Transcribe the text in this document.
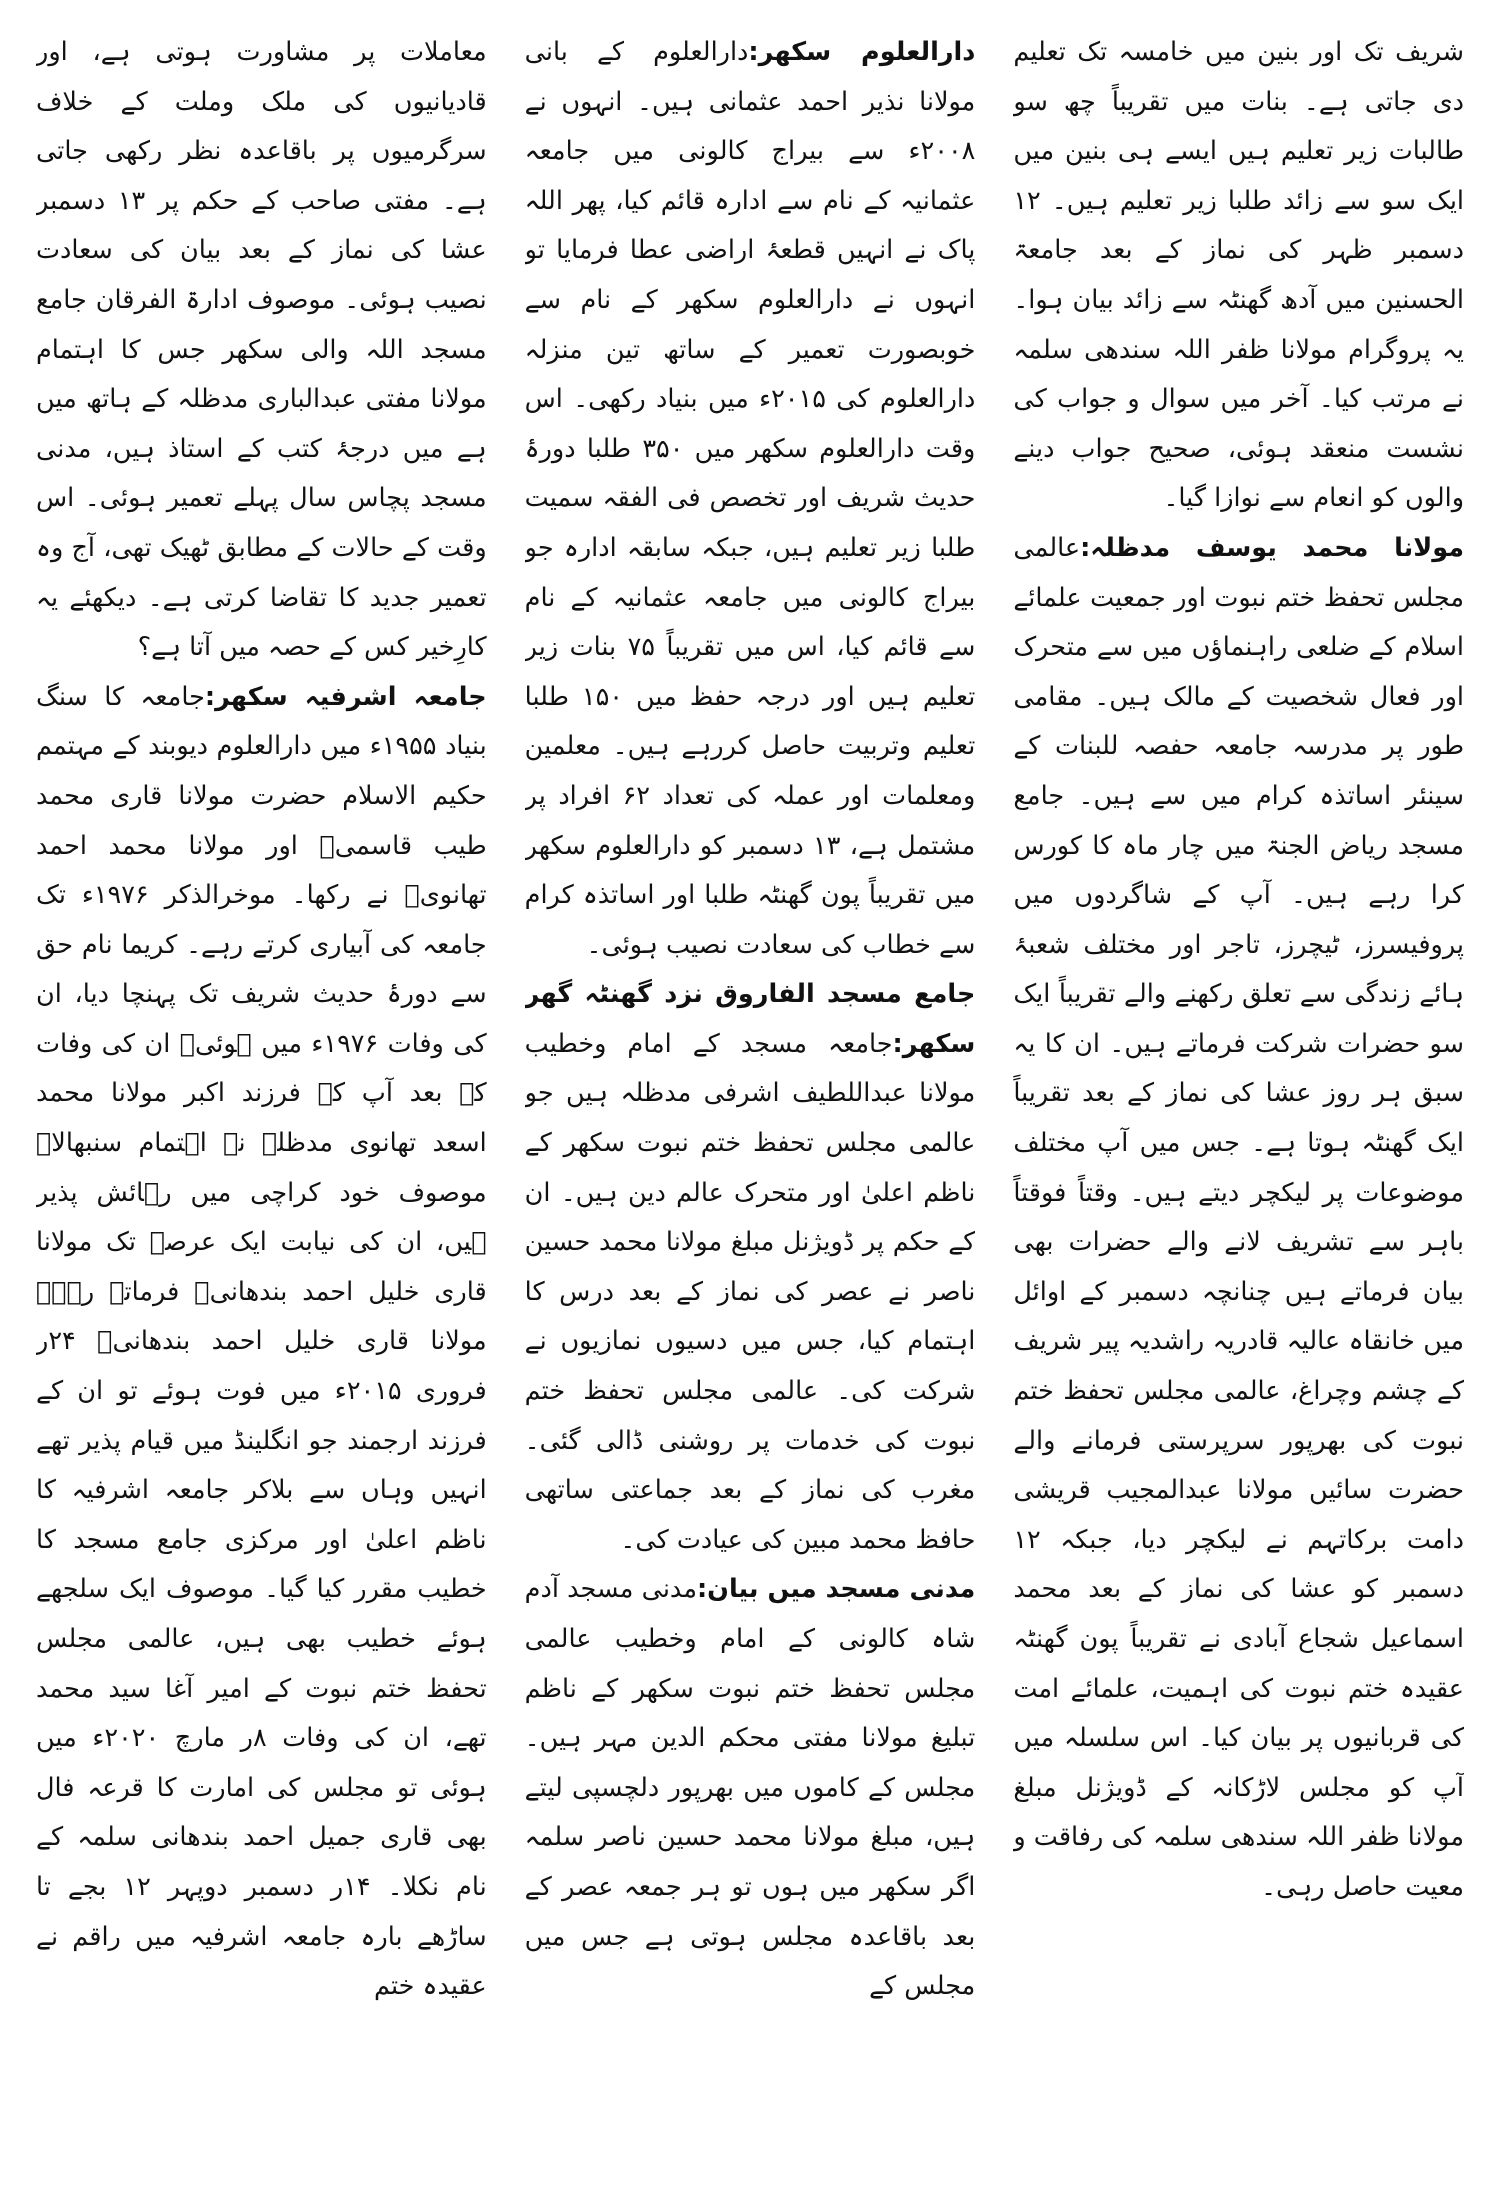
معاملات پر مشاورت ہوتی ہے، اور قادیانیوں کی ملک وملت کے خلاف سرگرمیوں پر باقاعدہ نظر رکھی جاتی ہے۔ مفتی صاحب کے حکم پر ۱۳ دسمبر عشا کی نماز کے بعد بیان کی سعادت نصیب ہوئی۔ موصوف ادارۃ الفرقان جامع مسجد اللہ والی سکھر جس کا اہتمام مولانا مفتی عبدالباری مدظلہ کے ہاتھ میں ہے میں درجۂ کتب کے استاذ ہیں، مدنی مسجد پچاس سال پہلے تعمیر ہوئی۔ اس وقت کے حالات کے مطابق ٹھیک تھی، آج وہ تعمیر جدید کا تقاضا کرتی ہے۔ دیکھئے یہ کارِخیر کس کے حصہ میں آتا ہے؟

جامعہ اشرفیہ سکھر:جامعہ کا سنگ بنیاد ۱۹۵۵ء میں دارالعلوم دیوبند کے مہتمم حکیم الاسلام حضرت مولانا قاری محمد طیب قاسمیؒ اور مولانا محمد احمد تھانویؒ نے رکھا۔ موخرالذکر ۱۹۷۶ء تک جامعہ کی آبیاری کرتے رہے۔ کریما نام حق سے دورۂ حدیث شریف تک پہنچا دیا، ان کی وفات ۱۹۷۶ء میں ہوئی۔ ان کی وفات کے بعد آپ کے فرزند اکبر مولانا محمد اسعد تھانوی مدظلہ نے اہتمام سنبھالا۔ موصوف خود کراچی میں رہائش پذیر ہیں، ان کی نیابت ایک عرصہ تک مولانا قاری خلیل احمد بندھانیؒ فرماتے رہے۔ مولانا قاری خلیل احمد بندھانیؒ ۲۴ر فروری ۲۰۱۵ء میں فوت ہوئے تو ان کے فرزند ارجمند جو انگلینڈ میں قیام پذیر تھے انہیں وہاں سے بلاکر جامعہ اشرفیہ کا ناظم اعلیٰ اور مرکزی جامع مسجد کا خطیب مقرر کیا گیا۔ موصوف ایک سلجھے ہوئے خطیب بھی ہیں، عالمی مجلس تحفظ ختم نبوت کے امیر آغا سید محمد تھے، ان کی وفات ۸ر مارچ ۲۰۲۰ء میں ہوئی تو مجلس کی امارت کا قرعہ فال بھی قاری جمیل احمد بندھانی سلمہ کے نام نکلا۔ ۱۴ر دسمبر دوپہر ۱۲ بجے تا ساڑھے بارہ جامعہ اشرفیہ میں راقم نے عقیدہ ختم

دارالعلوم سکھر:دارالعلوم کے بانی مولانا نذیر احمد عثمانی ہیں۔ انہوں نے ۲۰۰۸ء سے بیراج کالونی میں جامعہ عثمانیہ کے نام سے ادارہ قائم کیا، پھر اللہ پاک نے انہیں قطعۂ اراضی عطا فرمایا تو انہوں نے دارالعلوم سکھر کے نام سے خوبصورت تعمیر کے ساتھ تین منزلہ دارالعلوم کی ۲۰۱۵ء میں بنیاد رکھی۔ اس وقت دارالعلوم سکھر میں ۳۵۰ طلبا دورۂ حدیث شریف اور تخصص فی الفقہ سمیت طلبا زیر تعلیم ہیں، جبکہ سابقہ ادارہ جو بیراج کالونی میں جامعہ عثمانیہ کے نام سے قائم کیا، اس میں تقریباً ۷۵ بنات زیر تعلیم ہیں اور درجہ حفظ میں ۱۵۰ طلبا تعلیم وتربیت حاصل کررہے ہیں۔ معلمین ومعلمات اور عملہ کی تعداد ۶۲ افراد پر مشتمل ہے، ۱۳ دسمبر کو دارالعلوم سکھر میں تقریباً پون گھنٹہ طلبا اور اساتذہ کرام سے خطاب کی سعادت نصیب ہوئی۔

جامع مسجد الفاروق نزد گھنٹہ گھر سکھر:جامعہ مسجد کے امام وخطیب مولانا عبداللطیف اشرفی مدظلہ ہیں جو عالمی مجلس تحفظ ختم نبوت سکھر کے ناظم اعلیٰ اور متحرک عالم دین ہیں۔ ان کے حکم پر ڈویژنل مبلغ مولانا محمد حسین ناصر نے عصر کی نماز کے بعد درس کا اہتمام کیا، جس میں دسیوں نمازیوں نے شرکت کی۔ عالمی مجلس تحفظ ختم نبوت کی خدمات پر روشنی ڈالی گئی۔ مغرب کی نماز کے بعد جماعتی ساتھی حافظ محمد مبین کی عیادت کی۔

مدنی مسجد میں بیان:مدنی مسجد آدم شاہ کالونی کے امام وخطیب عالمی مجلس تحفظ ختم نبوت سکھر کے ناظم تبلیغ مولانا مفتی محکم الدین مہر ہیں۔ مجلس کے کاموں میں بھرپور دلچسپی لیتے ہیں، مبلغ مولانا محمد حسین ناصر سلمہ اگر سکھر میں ہوں تو ہر جمعہ عصر کے بعد باقاعدہ مجلس ہوتی ہے جس میں مجلس کے

شریف تک اور بنین میں خامسہ تک تعلیم دی جاتی ہے۔ بنات میں تقریباً چھ سو طالبات زیر تعلیم ہیں ایسے ہی بنین میں ایک سو سے زائد طلبا زیر تعلیم ہیں۔ ۱۲ دسمبر ظہر کی نماز کے بعد جامعۃ الحسنین میں آدھ گھنٹہ سے زائد بیان ہوا۔ یہ پروگرام مولانا ظفر اللہ سندھی سلمہ نے مرتب کیا۔ آخر میں سوال و جواب کی نشست منعقد ہوئی، صحیح جواب دینے والوں کو انعام سے نوازا گیا۔

مولانا محمد یوسف مدظلہ:عالمی مجلس تحفظ ختم نبوت اور جمعیت علمائے اسلام کے ضلعی راہنماؤں میں سے متحرک اور فعال شخصیت کے مالک ہیں۔ مقامی طور پر مدرسہ جامعہ حفصہ للبنات کے سینئر اساتذہ کرام میں سے ہیں۔ جامع مسجد ریاض الجنۃ میں چار ماہ کا کورس کرا رہے ہیں۔ آپ کے شاگردوں میں پروفیسرز، ٹیچرز، تاجر اور مختلف شعبۂ ہائے زندگی سے تعلق رکھنے والے تقریباً ایک سو حضرات شرکت فرماتے ہیں۔ ان کا یہ سبق ہر روز عشا کی نماز کے بعد تقریباً ایک گھنٹہ ہوتا ہے۔ جس میں آپ مختلف موضوعات پر لیکچر دیتے ہیں۔ وقتاً فوقتاً باہر سے تشریف لانے والے حضرات بھی بیان فرماتے ہیں چنانچہ دسمبر کے اوائل میں خانقاہ عالیہ قادریہ راشدیہ پیر شریف کے چشم وچراغ، عالمی مجلس تحفظ ختم نبوت کی بھرپور سرپرستی فرمانے والے حضرت سائیں مولانا عبدالمجیب قریشی دامت برکاتہم نے لیکچر دیا، جبکہ ۱۲ دسمبر کو عشا کی نماز کے بعد محمد اسماعیل شجاع آبادی نے تقریباً پون گھنٹہ عقیدہ ختم نبوت کی اہمیت، علمائے امت کی قربانیوں پر بیان کیا۔ اس سلسلہ میں آپ کو مجلس لاڑکانہ کے ڈویژنل مبلغ مولانا ظفر اللہ سندھی سلمہ کی رفاقت و معیت حاصل رہی۔
